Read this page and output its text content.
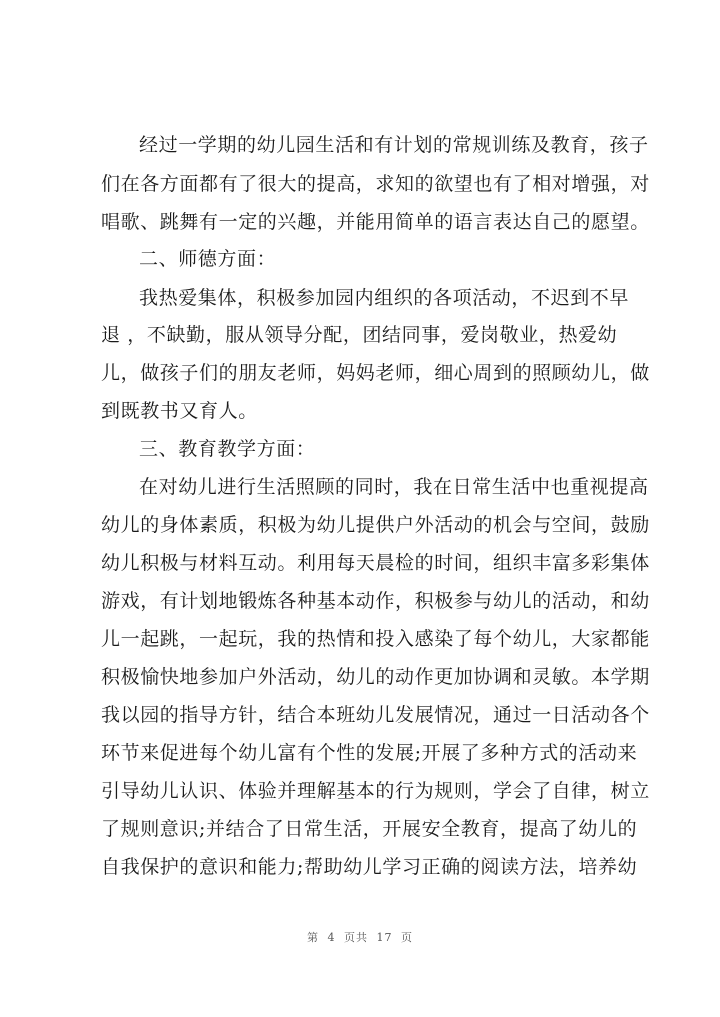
经过一学期的幼儿园生活和有计划的常规训练及教育，孩子
们在各方面都有了很大的提高，求知的欲望也有了相对增强，对
唱歌、跳舞有一定的兴趣，并能用简单的语言表达自己的愿望。
二、师德方面：
我热爱集体，积极参加园内组织的各项活动，不迟到不早
退 ，不缺勤，服从领导分配，团结同事，爱岗敬业，热爱幼
儿，做孩子们的朋友老师，妈妈老师，细心周到的照顾幼儿，做
到既教书又育人。
三、教育教学方面：
在对幼儿进行生活照顾的同时，我在日常生活中也重视提高
幼儿的身体素质，积极为幼儿提供户外活动的机会与空间，鼓励
幼儿积极与材料互动。利用每天晨检的时间，组织丰富多彩集体
游戏，有计划地锻炼各种基本动作，积极参与幼儿的活动，和幼
儿一起跳，一起玩，我的热情和投入感染了每个幼儿，大家都能
积极愉快地参加户外活动，幼儿的动作更加协调和灵敏。本学期
我以园的指导方针，结合本班幼儿发展情况，通过一日活动各个
环节来促进每个幼儿富有个性的发展;开展了多种方式的活动来
引导幼儿认识、体验并理解基本的行为规则，学会了自律，树立
了规则意识;并结合了日常生活，开展安全教育，提高了幼儿的
自我保护的意识和能力;帮助幼儿学习正确的阅读方法，培养幼
第 4 页共 17 页
